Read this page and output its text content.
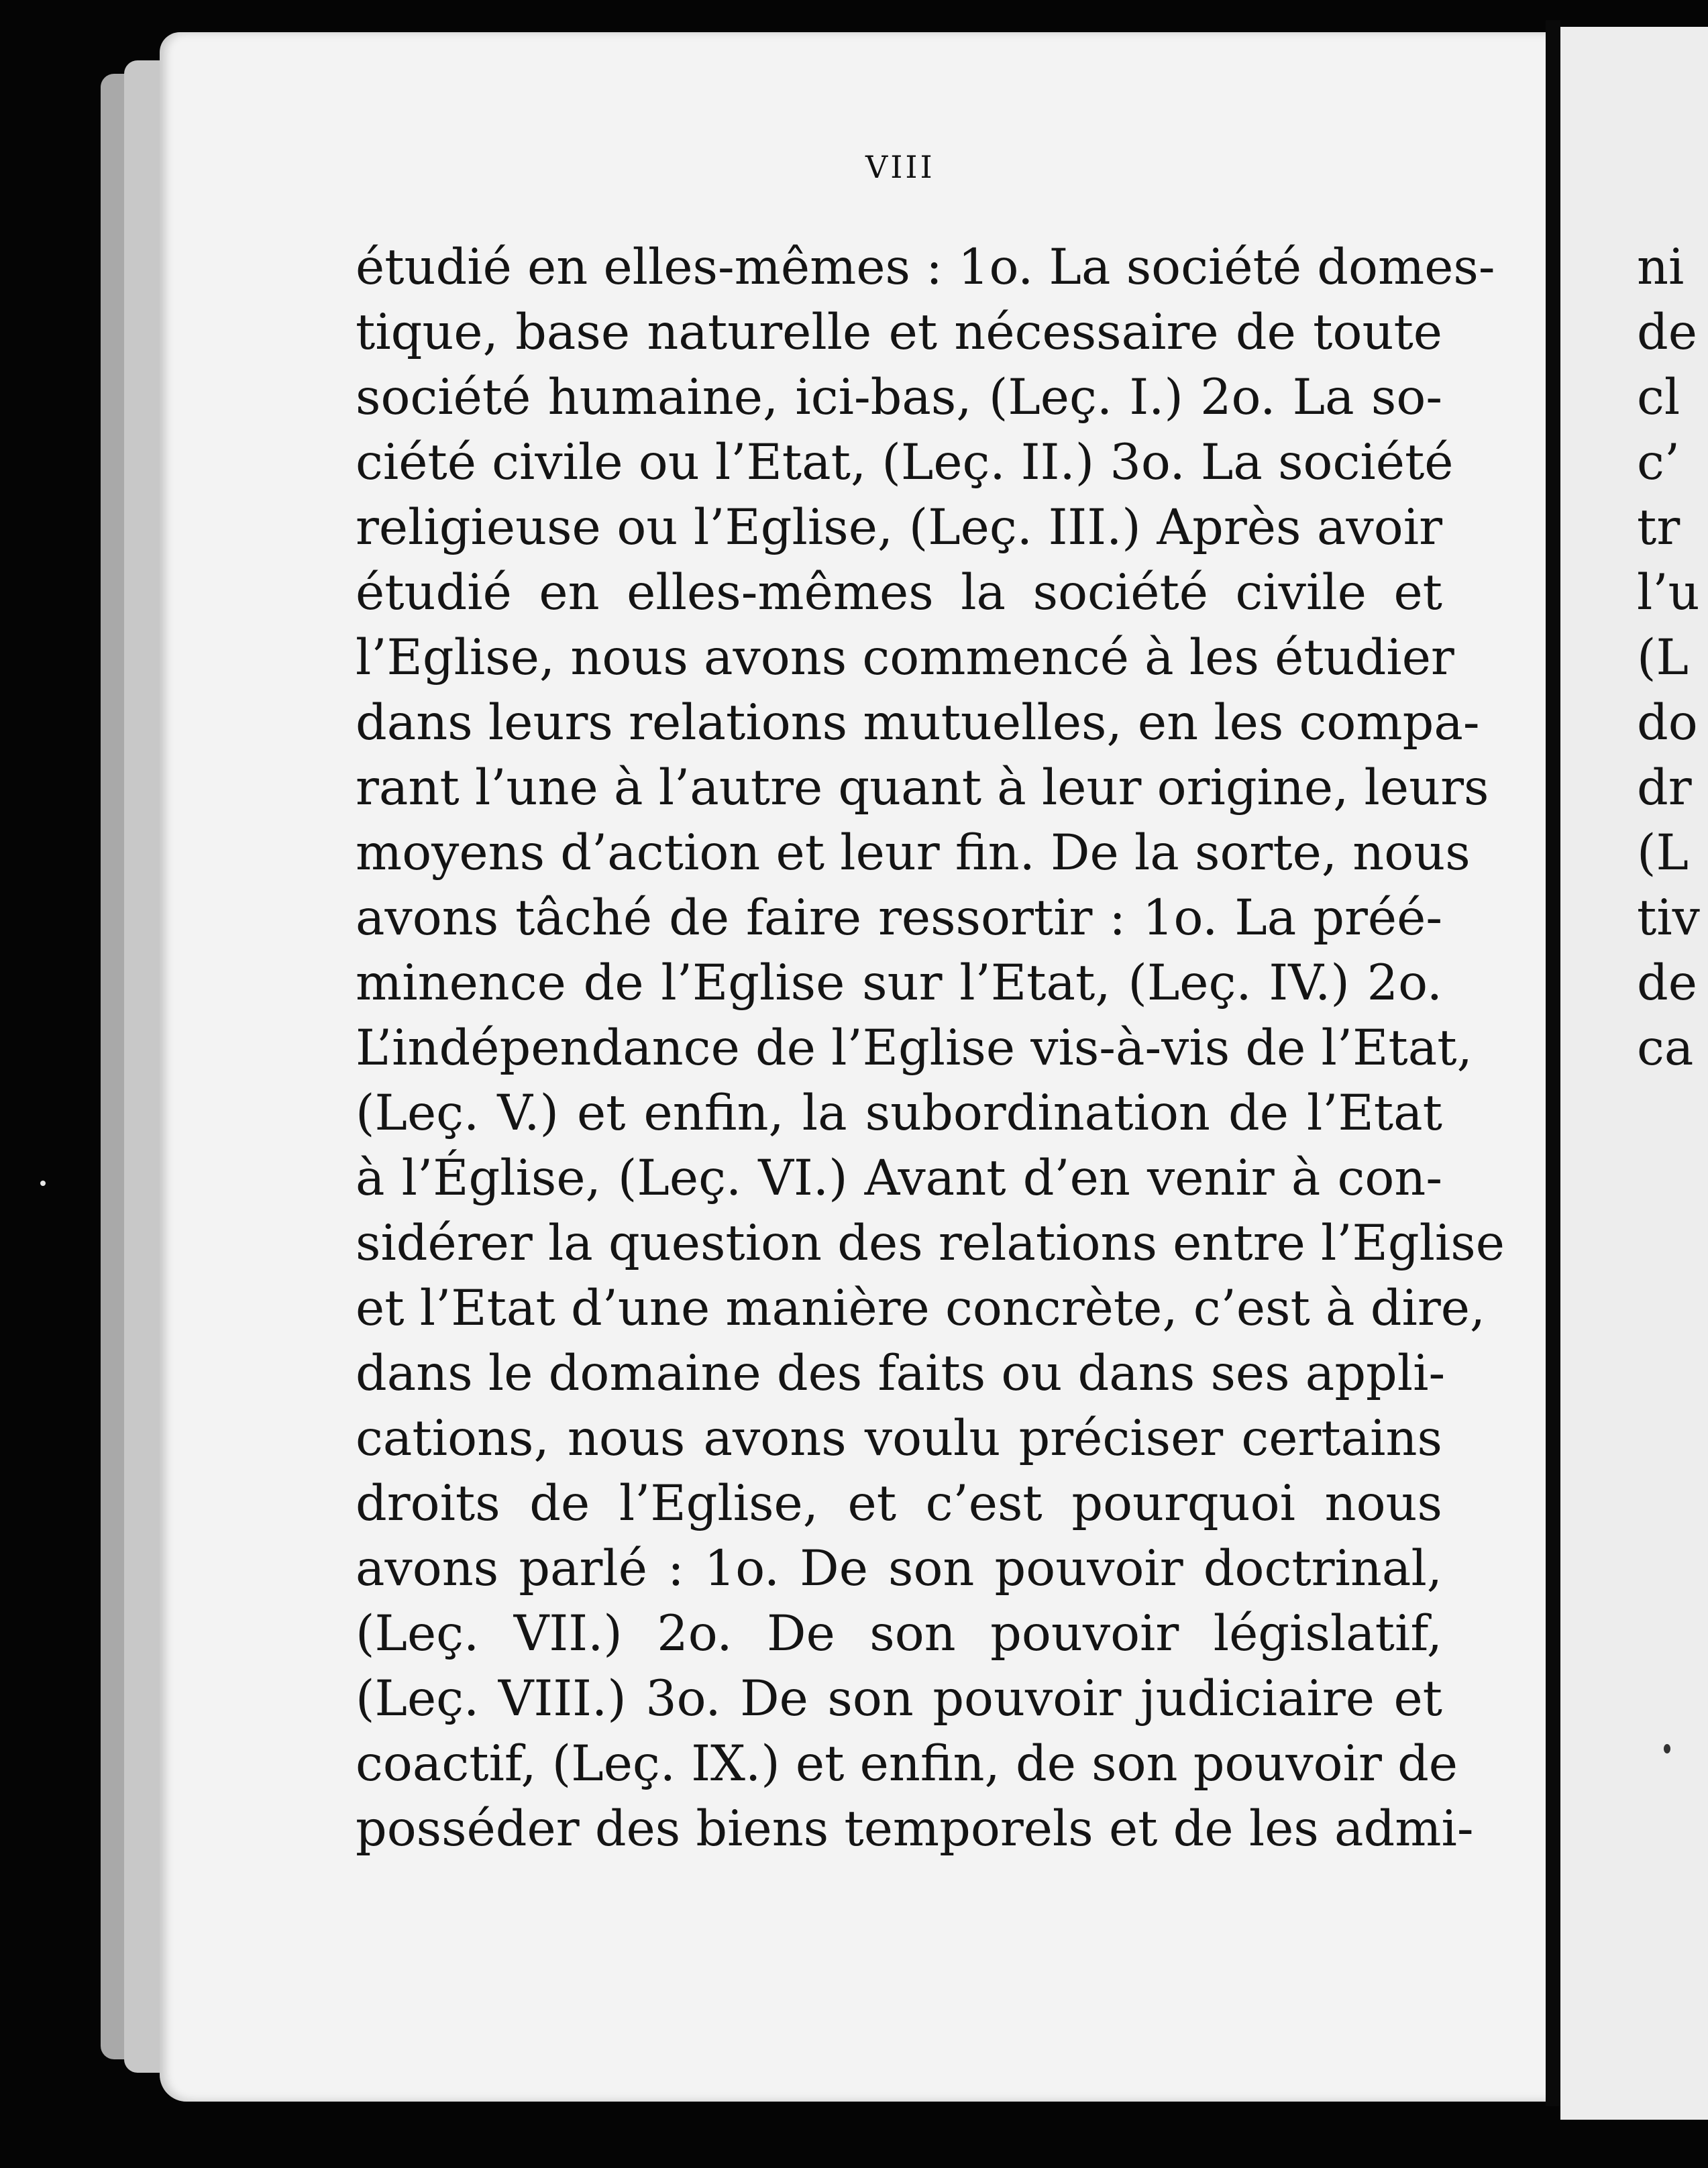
VIII
étudié en elles-mêmes : 1o. La société domes-
tique, base naturelle et nécessaire de toute
société humaine, ici-bas, (Leç. I.) 2o. La so-
ciété civile ou l’Etat, (Leç. II.) 3o. La société
religieuse ou l’Eglise, (Leç. III.) Après avoir
étudié en elles-mêmes la société civile et
l’Eglise, nous avons commencé à les étudier
dans leurs relations mutuelles, en les compa-
rant l’une à l’autre quant à leur origine, leurs
moyens d’action et leur fin. De la sorte, nous
avons tâché de faire ressortir : 1o. La préé-
minence de l’Eglise sur l’Etat, (Leç. IV.) 2o.
L’indépendance de l’Eglise vis-à-vis de l’Etat,
(Leç. V.) et enfin, la subordination de l’Etat
à l’Église, (Leç. VI.) Avant d’en venir à con-
sidérer la question des relations entre l’Eglise
et l’Etat d’une manière concrète, c’est à dire,
dans le domaine des faits ou dans ses appli-
cations, nous avons voulu préciser certains
droits de l’Eglise, et c’est pourquoi nous
avons parlé : 1o. De son pouvoir doctrinal,
(Leç. VII.) 2o. De son pouvoir législatif,
(Leç. VIII.) 3o. De son pouvoir judiciaire et
coactif, (Leç. IX.) et enfin, de son pouvoir de
posséder des biens temporels et de les admi-
ni
de
cl
c’
tr
l’u
(L
do
dr
(L
tiv
de
ca
